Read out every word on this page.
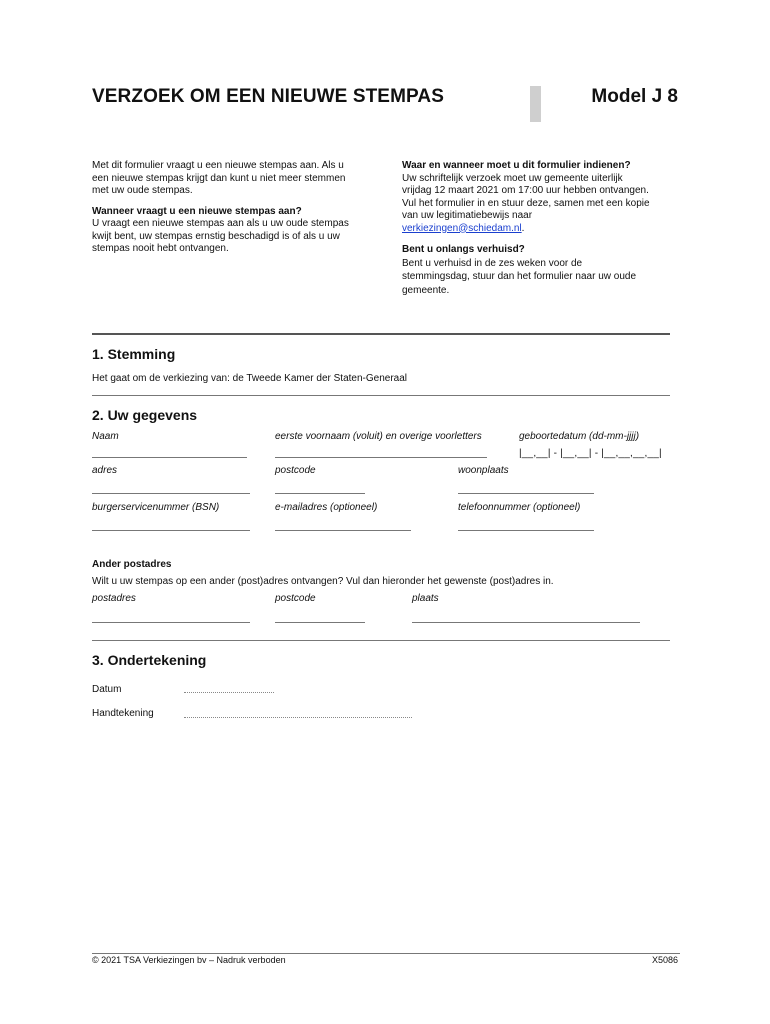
VERZOEK OM EEN NIEUWE STEMPAS	Model J 8

Met dit formulier vraagt u een nieuwe stempas aan. Als u een nieuwe stempas krijgt dan kunt u niet meer stemmen met uw oude stempas.

Wanneer vraagt u een nieuwe stempas aan?

U vraagt een nieuwe stempas aan als u uw oude stempas kwijt bent, uw stempas ernstig beschadigd is of als u uw stempas nooit hebt ontvangen.

Waar en wanneer moet u dit formulier indienen?

Uw schriftelijk verzoek moet uw gemeente uiterlijk vrijdag 12 maart 2021 om 17:00 uur hebben ontvangen.

Vul het formulier in en stuur deze, samen met een kopie van uw legitimatiebewijs naar verkiezingen@schiedam.nl.

Bent u onlangs verhuisd?

Bent u verhuisd in de zes weken voor de stemmingsdag, stuur dan het formulier naar uw oude gemeente.

1. Stemming
Het gaat om de verkiezing van: de Tweede Kamer der Staten-Generaal
2. Uw gegevens
Naam	eerste voornaam (voluit) en overige voorletters	geboortedatum (dd-mm-jjjj)
|__,__| - |__,__| - |__,__,__,__|
adres	postcode	woonplaats
burgerservicenummer (BSN)	e-mailadres (optioneel)	telefoonnummer (optioneel)
Ander postadres
Wilt u uw stempas op een ander (post)adres ontvangen? Vul dan hieronder het gewenste (post)adres in.
postadres	postcode	plaats
3. Ondertekening
Datum
Handtekening
© 2021 TSA Verkiezingen bv – Nadruk verboden	X5086
